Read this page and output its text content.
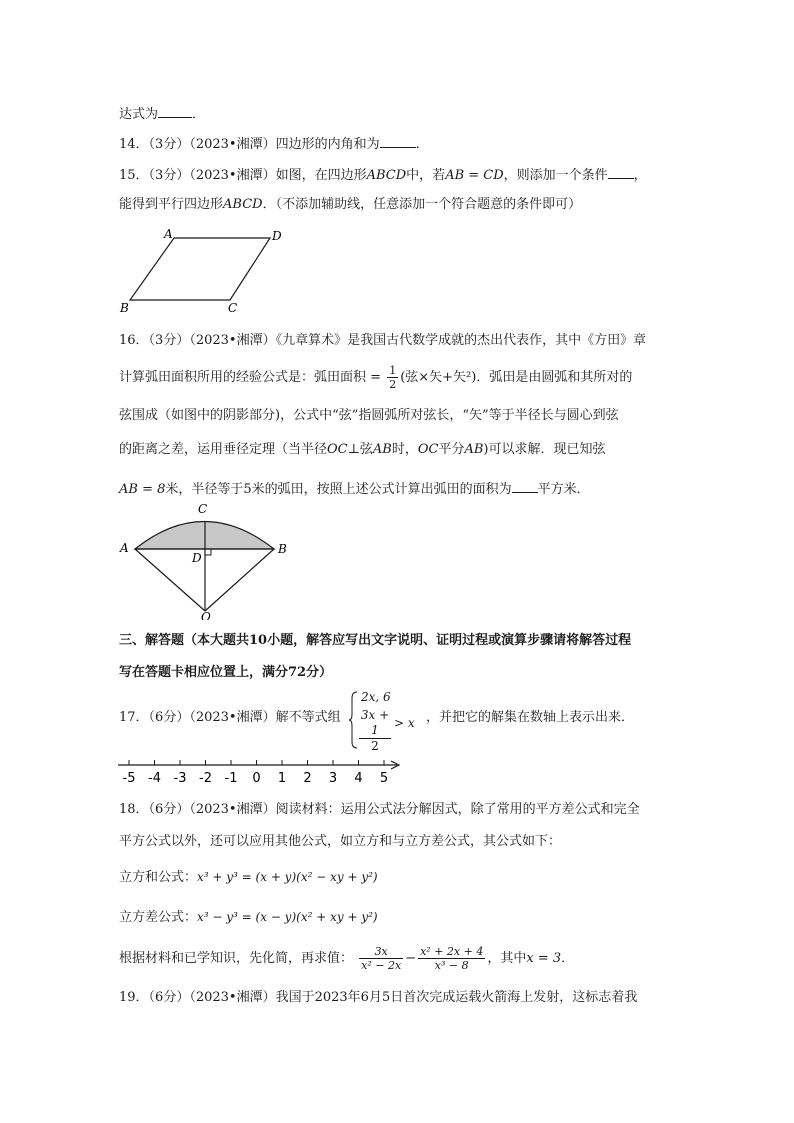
达式为	．
14．（3分）（2023•湘潭）四边形的内角和为	．
15．（3分）（2023•湘潭）如图，在四边形ABCD中，若AB = CD，则添加一个条件 ，
能得到平行四边形ABCD．（不添加辅助线，任意添加一个符合题意的条件即可）
A	D
B	C
16．（3分）（2023•湘潭）《九章算术》是我国古代数学成就的杰出代表作，其中《方田》章
计算弧田面积所用的经验公式是：弧田面积 = $\frac{1}{2}$ (弦×矢+矢²)．弧田是由圆弧和其所对的
弦围成（如图中的阴影部分)，公式中“弦”指圆弧所对弦长，“矢”等于半径长与圆心到弦
的距离之差，运用垂径定理（当半径OC⊥弦AB时，OC平分AB)可以求解．现已知弦
AB = 8米，半径等于5米的弧田，按照上述公式计算出弧田的面积为 平方米．
C
A	B
D
O
三、解答题（本大题共10小题，解答应写出文字说明、证明过程或演算步骤请将解答过程
写在答题卡相应位置上，满分72分）
17．（6分）（2023•湘潭）解不等式组
2x, 6
$\frac{3x + 1}{2} > x$ ，并把它的解集在数轴上表示出来．
-5 -4 -3 -2 -1 0 1 2 3 4 5
18．（6分）（2023•湘潭）阅读材料：运用公式法分解因式，除了常用的平方差公式和完全
平方公式以外，还可以应用其他公式，如立方和与立方差公式，其公式如下：
立方和公式：x³ + y³ = (x + y)(x² − xy + y²)
立方差公式：x³ − y³ = (x − y)(x² + xy + y²)
根据材料和已学知识，先化简，再求值： $\frac{3x}{\text{x² − 2x}} - \frac{\text{x² + 2x + 4}}{\text{x³ − 8}}$ ，其中x = 3．
19．（6分）（2023•湘潭）我国于2023年6月5日首次完成运载火箭海上发射，这标志着我
